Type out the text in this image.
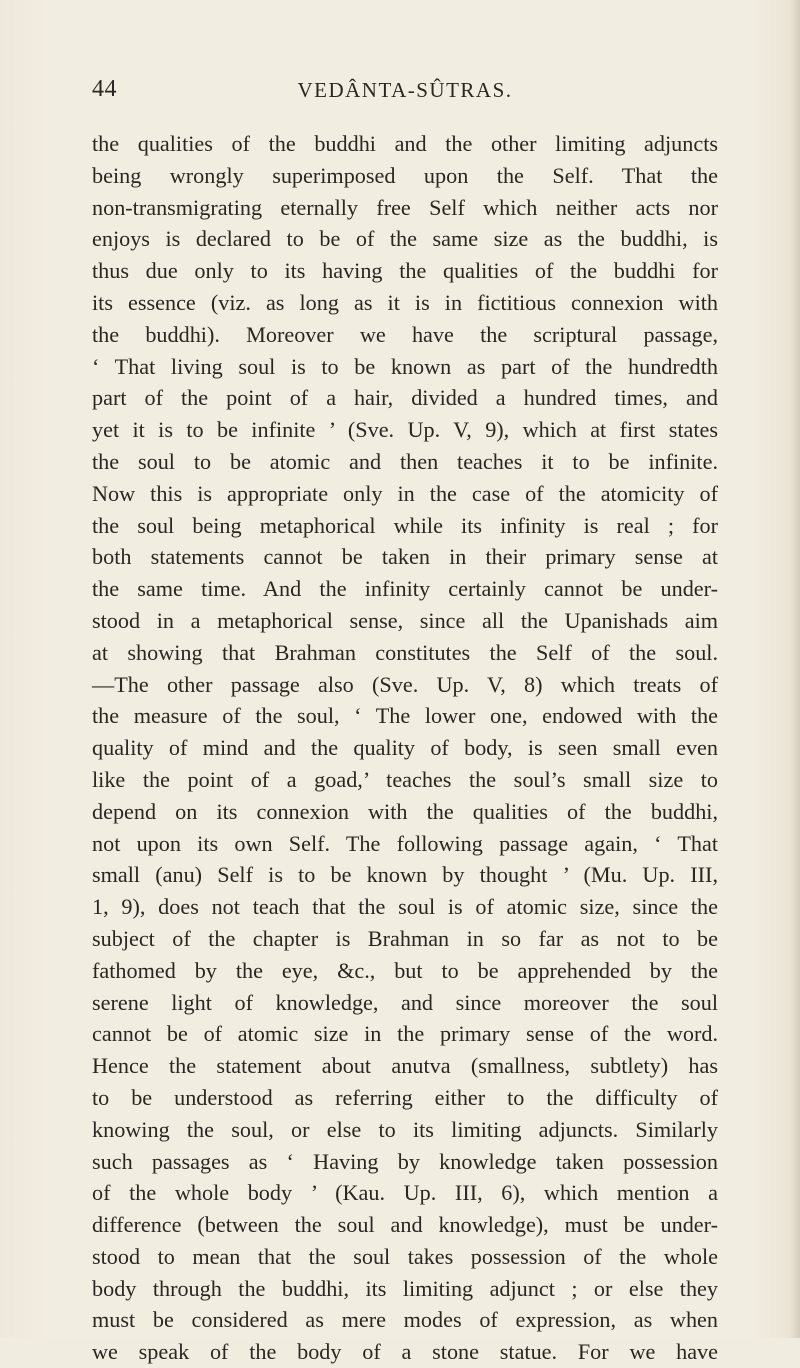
44	VEDÂNTA-SÛTRAS.
the qualities of the buddhi and the other limiting adjuncts
being wrongly superimposed upon the Self. That the
non-transmigrating eternally free Self which neither acts nor
enjoys is declared to be of the same size as the buddhi, is
thus due only to its having the qualities of the buddhi for
its essence (viz. as long as it is in fictitious connexion with
the buddhi). Moreover we have the scriptural passage,
‘ That living soul is to be known as part of the hundredth
part of the point of a hair, divided a hundred times, and
yet it is to be infinite ’ (Sve. Up. V, 9), which at first states
the soul to be atomic and then teaches it to be infinite.
Now this is appropriate only in the case of the atomicity of
the soul being metaphorical while its infinity is real ; for
both statements cannot be taken in their primary sense at
the same time. And the infinity certainly cannot be under-
stood in a metaphorical sense, since all the Upanishads aim
at showing that Brahman constitutes the Self of the soul.
—The other passage also (Sve. Up. V, 8) which treats of
the measure of the soul, ‘ The lower one, endowed with the
quality of mind and the quality of body, is seen small even
like the point of a goad,’ teaches the soul’s small size to
depend on its connexion with the qualities of the buddhi,
not upon its own Self. The following passage again, ‘ That
small (anu) Self is to be known by thought ’ (Mu. Up. III,
1, 9), does not teach that the soul is of atomic size, since the
subject of the chapter is Brahman in so far as not to be
fathomed by the eye, &c., but to be apprehended by the
serene light of knowledge, and since moreover the soul
cannot be of atomic size in the primary sense of the word.
Hence the statement about anutva (smallness, subtlety) has
to be understood as referring either to the difficulty of
knowing the soul, or else to its limiting adjuncts. Similarly
such passages as ‘ Having by knowledge taken possession
of the whole body ’ (Kau. Up. III, 6), which mention a
difference (between the soul and knowledge), must be under-
stood to mean that the soul takes possession of the whole
body through the buddhi, its limiting adjunct ; or else they
must be considered as mere modes of expression, as when
we speak of the body of a stone statue. For we have
